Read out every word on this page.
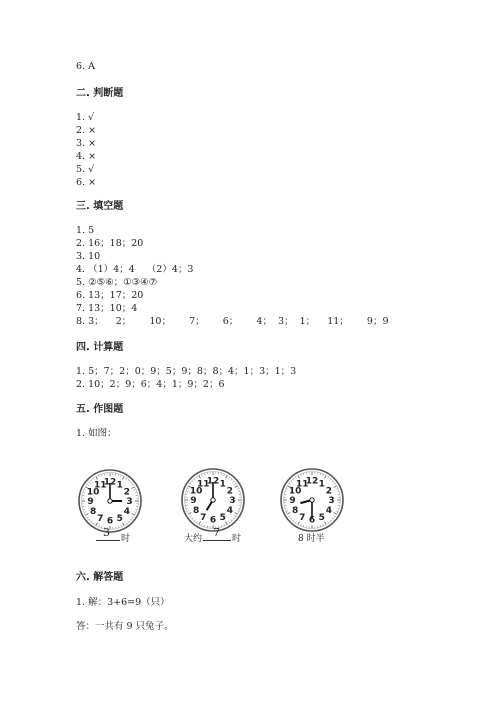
6. A
二. 判断题
1. √
2. ×
3. ×
4. ×
5. √
6. ×
三. 填空题
1. 5
2. 16；18；20
3. 10
4. （1）4；4    （2）4；3
5. ②⑤⑥；①③④⑦
6. 13；17；20
7. 13；10；4
8. 3；    2；      10；      7；      6；      4；  3；  1；    11；      9；9
四. 计算题
1. 5；7；2；0；9；5；9；8；8；4；1；3；1；3
2. 10；2；9；6；4；1；9；2；6
五. 作图题
1. 如图：
12 1
2
3
4
5
6
7
8
9
10
11	12 1
2
3
4
5
6
7
8
9
10
11	12 1
2
3
4
5
6
7
8
9
10
11
3 时	大约 7 时	8 时半
六. 解答题
1. 解：3+6=9（只）
答：一共有 9 只兔子。
